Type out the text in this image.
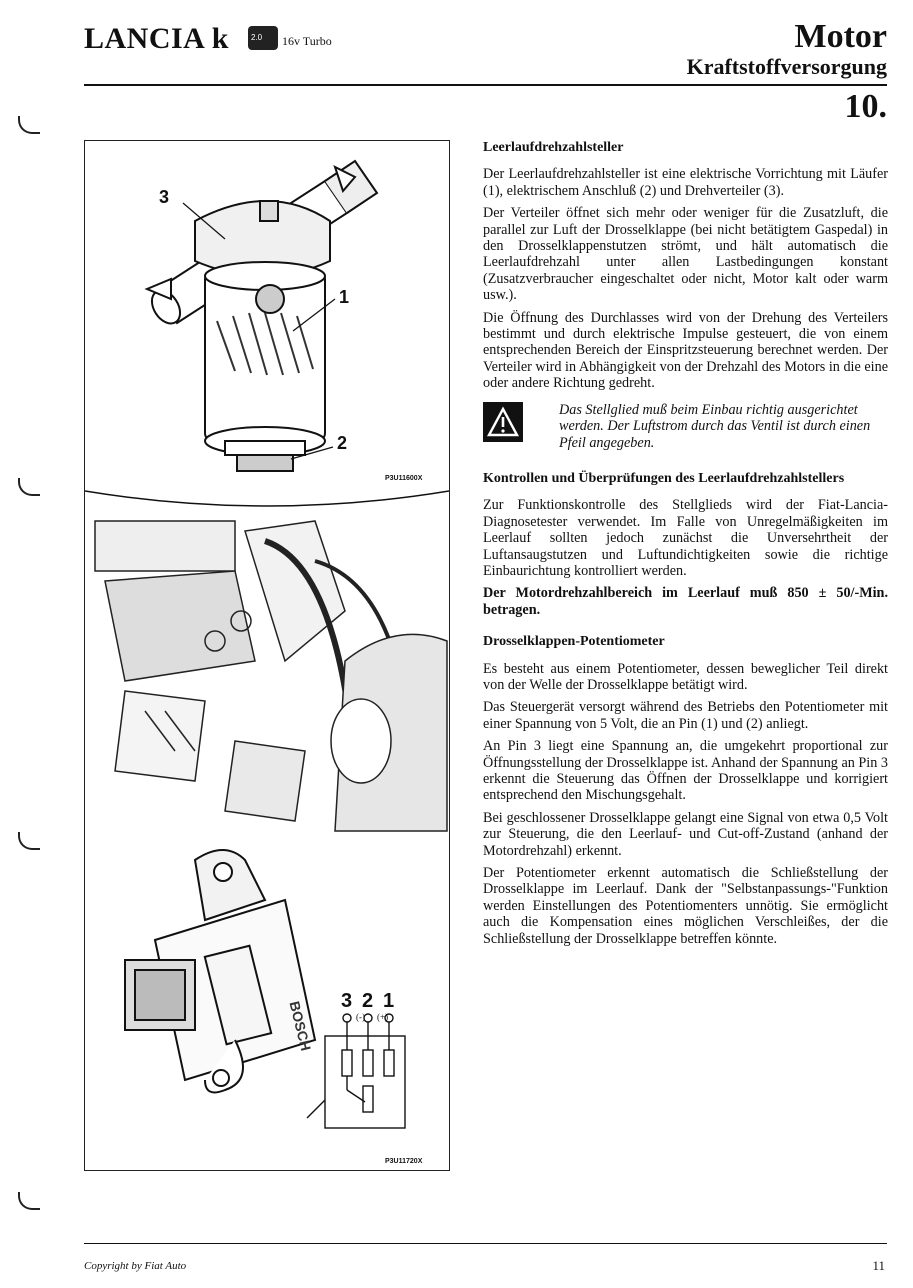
LANCIA k	2.0 16v Turbo	Motor
Kraftstoffversorgung
10.
P3U11600X
3
1
2
3 2 1
(-) (+)
BOSCH
P3U11720X
Leerlaufdrehzahlsteller

Der Leerlaufdrehzahlsteller ist eine elektrische Vorrichtung mit Läufer (1), elektrischem Anschluß (2) und Drehverteiler (3).

Der Verteiler öffnet sich mehr oder weniger für die Zusatzluft, die parallel zur Luft der Drosselklappe (bei nicht betätigtem Gaspedal) in den Drosselklappenstutzen strömt, und hält automatisch die Leerlaufdrehzahl unter allen Lastbedingungen konstant (Zusatzverbraucher eingeschaltet oder nicht, Motor kalt oder warm usw.).

Die Öffnung des Durchlasses wird von der Drehung des Verteilers bestimmt und durch elektrische Impulse gesteuert, die von einem entsprechenden Bereich der Einspritzsteuerung berechnet werden. Der Verteiler wird in Abhängigkeit von der Drehzahl des Motors in die eine oder andere Richtung gedreht.

Das Stellglied muß beim Einbau richtig ausgerichtet werden. Der Luftstrom durch das Ventil ist durch einen Pfeil angegeben.

Kontrollen und Überprüfungen des Leerlaufdrehzahlstellers

Zur Funktionskontrolle des Stellglieds wird der Fiat-Lancia-Diagnosetester verwendet. Im Falle von Unregelmäßigkeiten im Leerlauf sollten jedoch zunächst die Unversehrtheit der Luftansaugstutzen und Luftundichtigkeiten sowie die richtige Einbaurichtung kontrolliert werden.

Der Motordrehzahlbereich im Leerlauf muß 850 ± 50/-Min. betragen.

Drosselklappen-Potentiometer

Es besteht aus einem Potentiometer, dessen beweglicher Teil direkt von der Welle der Drosselklappe betätigt wird.

Das Steuergerät versorgt während des Betriebs den Potentiometer mit einer Spannung von 5 Volt, die an Pin (1) und (2) anliegt.

An Pin 3 liegt eine Spannung an, die umgekehrt proportional zur Öffnungsstellung der Drosselklappe ist. Anhand der Spannung an Pin 3 erkennt die Steuerung das Öffnen der Drosselklappe und korrigiert entsprechend den Mischungsgehalt.

Bei geschlossener Drosselklappe gelangt eine Signal von etwa 0,5 Volt zur Steuerung, die den Leerlauf- und Cut-off-Zustand (anhand der Motordrehzahl) erkennt.

Der Potentiometer erkennt automatisch die Schließstellung der Drosselklappe im Leerlauf. Dank der "Selbstanpassungs-"Funktion werden Einstellungen des Potentiomenters unnötig. Sie ermöglicht auch die Kompensation eines möglichen Verschleißes, der die Schließstellung der Drosselklappe betreffen könnte.

Copyright by Fiat Auto	11
